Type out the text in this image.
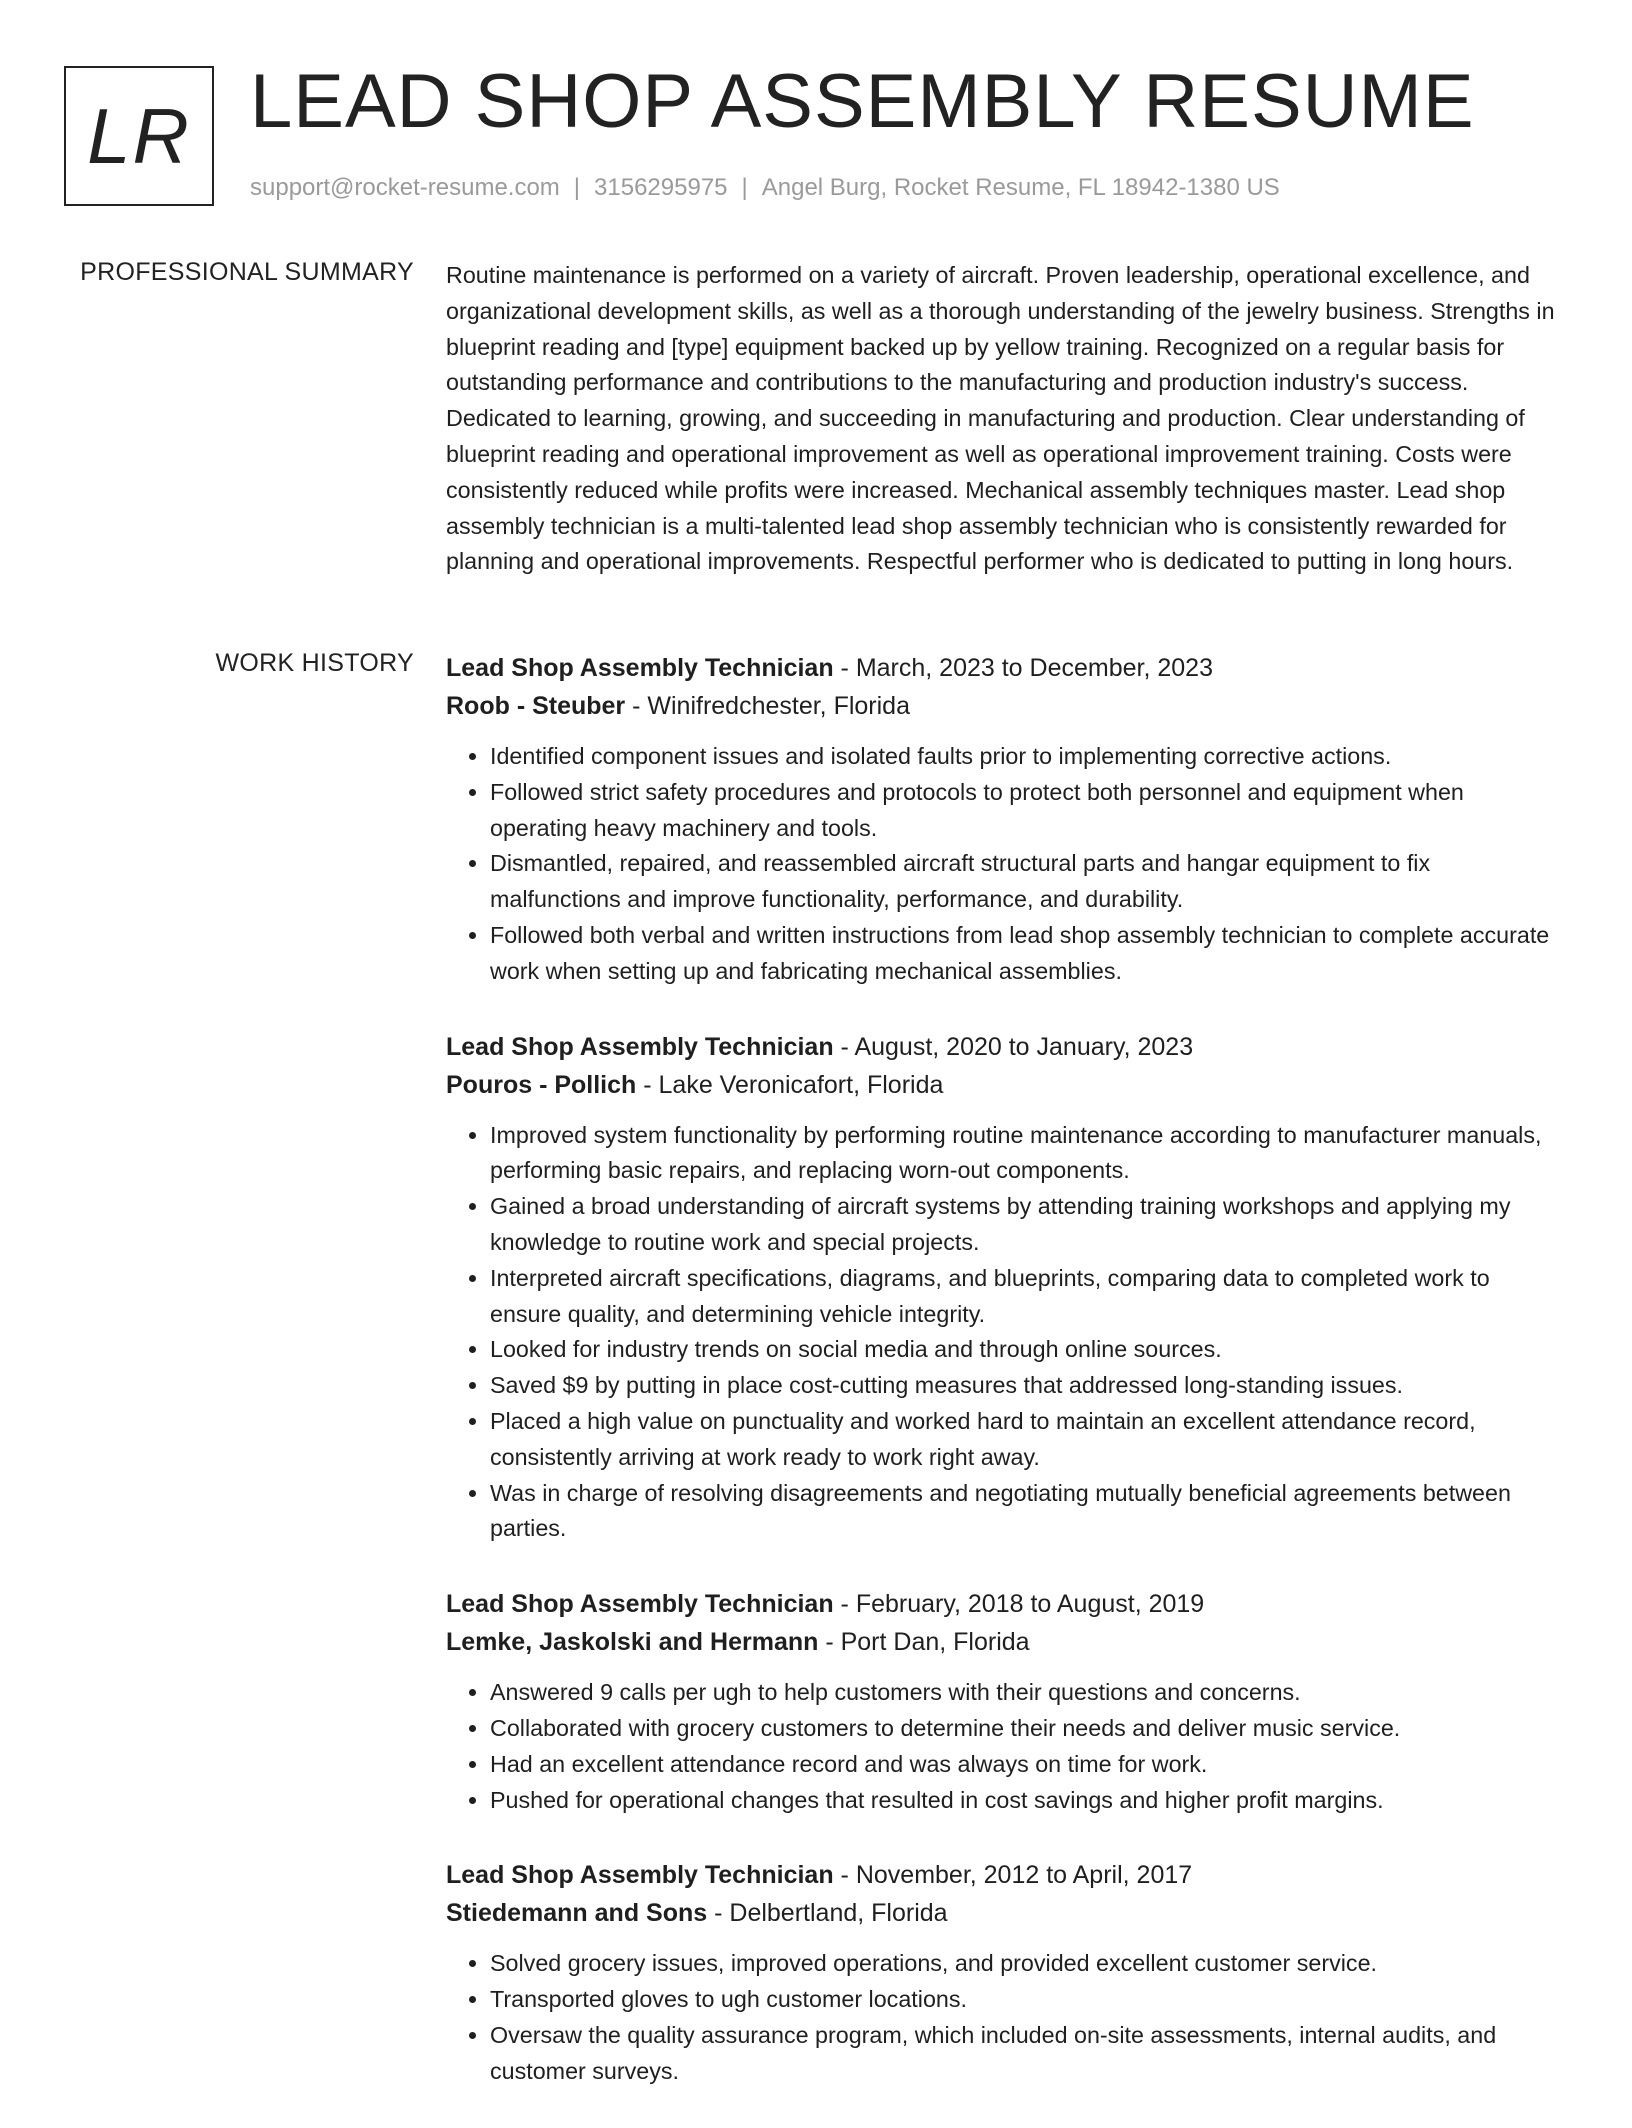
LR LEAD SHOP ASSEMBLY RESUME
support@rocket-resume.com | 3156295975 | Angel Burg, Rocket Resume, FL 18942-1380 US
PROFESSIONAL SUMMARY Routine maintenance is performed on a variety of aircraft. Proven leadership, operational excellence, and organizational development skills, as well as a thorough understanding of the jewelry business. Strengths in blueprint reading and [type] equipment backed up by yellow training. Recognized on a regular basis for outstanding performance and contributions to the manufacturing and production industry's success. Dedicated to learning, growing, and succeeding in manufacturing and production. Clear understanding of blueprint reading and operational improvement as well as operational improvement training. Costs were consistently reduced while profits were increased. Mechanical assembly techniques master. Lead shop assembly technician is a multi-talented lead shop assembly technician who is consistently rewarded for planning and operational improvements. Respectful performer who is dedicated to putting in long hours.

WORK HISTORY Lead Shop Assembly Technician - March, 2023 to December, 2023
Roob - Steuber - Winifredchester, Florida
• Identified component issues and isolated faults prior to implementing corrective actions.
• Followed strict safety procedures and protocols to protect both personnel and equipment when operating heavy machinery and tools.
• Dismantled, repaired, and reassembled aircraft structural parts and hangar equipment to fix malfunctions and improve functionality, performance, and durability.
• Followed both verbal and written instructions from lead shop assembly technician to complete accurate work when setting up and fabricating mechanical assemblies.
Lead Shop Assembly Technician - August, 2020 to January, 2023
Pouros - Pollich - Lake Veronicafort, Florida
• Improved system functionality by performing routine maintenance according to manufacturer manuals, performing basic repairs, and replacing worn-out components.
• Gained a broad understanding of aircraft systems by attending training workshops and applying my knowledge to routine work and special projects.
• Interpreted aircraft specifications, diagrams, and blueprints, comparing data to completed work to ensure quality, and determining vehicle integrity.
• Looked for industry trends on social media and through online sources.
• Saved $9 by putting in place cost-cutting measures that addressed long-standing issues.
• Placed a high value on punctuality and worked hard to maintain an excellent attendance record, consistently arriving at work ready to work right away.
• Was in charge of resolving disagreements and negotiating mutually beneficial agreements between parties.
Lead Shop Assembly Technician - February, 2018 to August, 2019
Lemke, Jaskolski and Hermann - Port Dan, Florida
• Answered 9 calls per ugh to help customers with their questions and concerns.
• Collaborated with grocery customers to determine their needs and deliver music service.
• Had an excellent attendance record and was always on time for work.
• Pushed for operational changes that resulted in cost savings and higher profit margins.
Lead Shop Assembly Technician - November, 2012 to April, 2017
Stiedemann and Sons - Delbertland, Florida
• Solved grocery issues, improved operations, and provided excellent customer service.
• Transported gloves to ugh customer locations.
• Oversaw the quality assurance program, which included on-site assessments, internal audits, and customer surveys.
